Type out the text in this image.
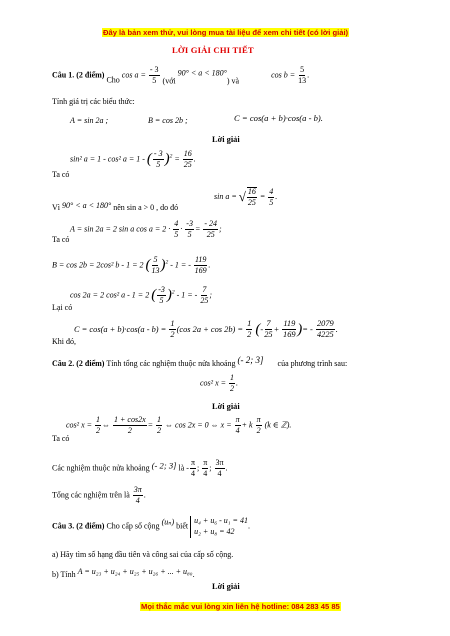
Đây là bản xem thử, vui lòng mua tài liệu để xem chi tiết (có lời giải)
LỜI GIẢI CHI TIẾT
Câu 1. (2 điểm) Cho $\cos a = \frac{- 3}{5}$ (với 90° < a < 180°) và  $\cos b = \frac{5}{13}$ .
Tính giá trị các biểu thức:
A = sin 2a ;	B = cos 2b ;	C = cos(a + b)·cos(a - b).
Lời giải
sin² a = 1 - cos² a = 1 - ( $\frac{- 3}{5} )^2 = \frac{16}{25}$ .
Ta có
Vì 90° < a < 180° nên sin a > 0 , do đó
sin a = √ $\frac{16}{25} = \frac{4}{5}$ .
A = sin 2a = 2 sin a $\cos a = 2 \cdot \frac{4}{5} \cdot \frac{-3}{5} = \frac{- 24}{25}$ ;
Ta có
B = cos 2b = 2cos² b - 1 = 2 ( $\frac{5}{13} )^2 - 1$ = - $\frac{119}{169}$ .
cos 2a = 2 cos² a - 1 = 2 ( $\frac{-3}{5} )^2 - 1$ = - $\frac{7}{25}$ ;
Lại có
$C = \cos(a + b)\cdot\cos(a - b) = \frac{1}{2} (\cos$ $2a + \cos 2b) = \frac{1}{2}$ (- $\frac{7}{25} + \frac{119}{169}$ )= - $\frac{2079}{4225}$ .
Khi đó,
Câu 2. (2 điểm) Tính tổng các nghiệm thuộc nửa khoảng (- 2; 3] của phương trình sau:
cos² $x = \frac{1}{2}$ .
Lời giải
cos² $x = \frac{1}{2}$ ⇔ $\frac{1 + \cos 2x}{2} = \frac{1}{2}$ ⇔ cos 2x = 0 ⇔ $x = \frac{\pi}{4} + k \frac{\pi}{2} (k$ ∈ ℤ).
Ta có
Các nghiệm thuộc nửa khoảng (- 2; 3] là - $\frac{\pi}{4}$ ; $\frac{\pi}{4}$ ; $\frac{3\pi}{4}$ .
Tổng các nghiệm trên là $\frac{3\pi}{4}$ .
Câu 3. (2 điểm) Cho cấp số cộng (uₙ) biết u₄ + u₆ - u₁ = 41
u₂ + u₈ = 42.
a) Hãy tìm số hạng đầu tiên và công sai của cấp số cộng.
b) Tính A = u₂₃ + u₂₄ + u₂₅ + u₂₆ + ... + u₈₀.
Lời giải
Mọi thắc mắc vui lòng xin liên hệ hotline: 084 283 45 85
